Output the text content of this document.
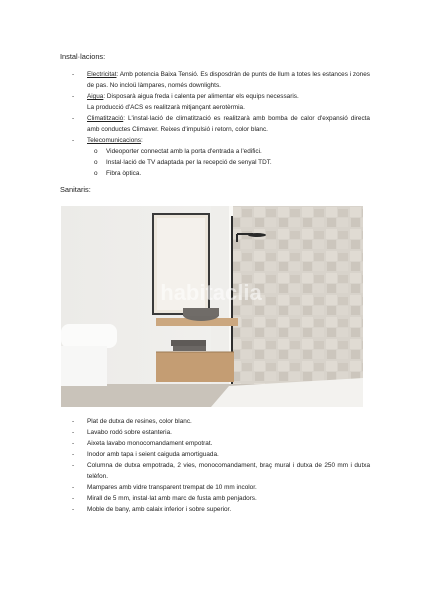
Instal·lacions:
- Electricitat: Amb potencia Baixa Tensió. Es disposdràn de punts de llum a totes les estances i zones de pas. No incloü làmpares, només downlights.
- Aigua: Disposarà aigua freda i calenta per alimentar els equips necessaris.
La producció d'ACS es realitzarà mitjançant aerotèrmia.
- Climatització: L'instal·lació de climatització es realitzarà amb bomba de calor d'expansió directa amb conductes Climaver. Reixes d'impulsió i retorn, color blanc.
- Telecomunicacions:
o Videoporter connectat amb la porta d'entrada a l'edifici.
o Instal·lació de TV adaptada per la recepció de senyal TDT.
o Fibra òptica.
Sanitaris:
habitaclia
- Plat de dutxa de resines, color blanc.
- Lavabo rodó sobre estanteria.
- Aixeta lavabo monocomandament empotrat.
- Inodor amb tapa i seient caiguda amortiguada.
- Columna de dutxa empotrada, 2 vies, monocomandament, braç mural i dutxa de 250 mm i dutxa telèfon.
- Mampares amb vidre transparent trempat de 10 mm incolor.
- Mirall de 5 mm, instal·lat amb marc de fusta amb penjadors.
- Moble de bany, amb calaix inferior i sobre superior.
